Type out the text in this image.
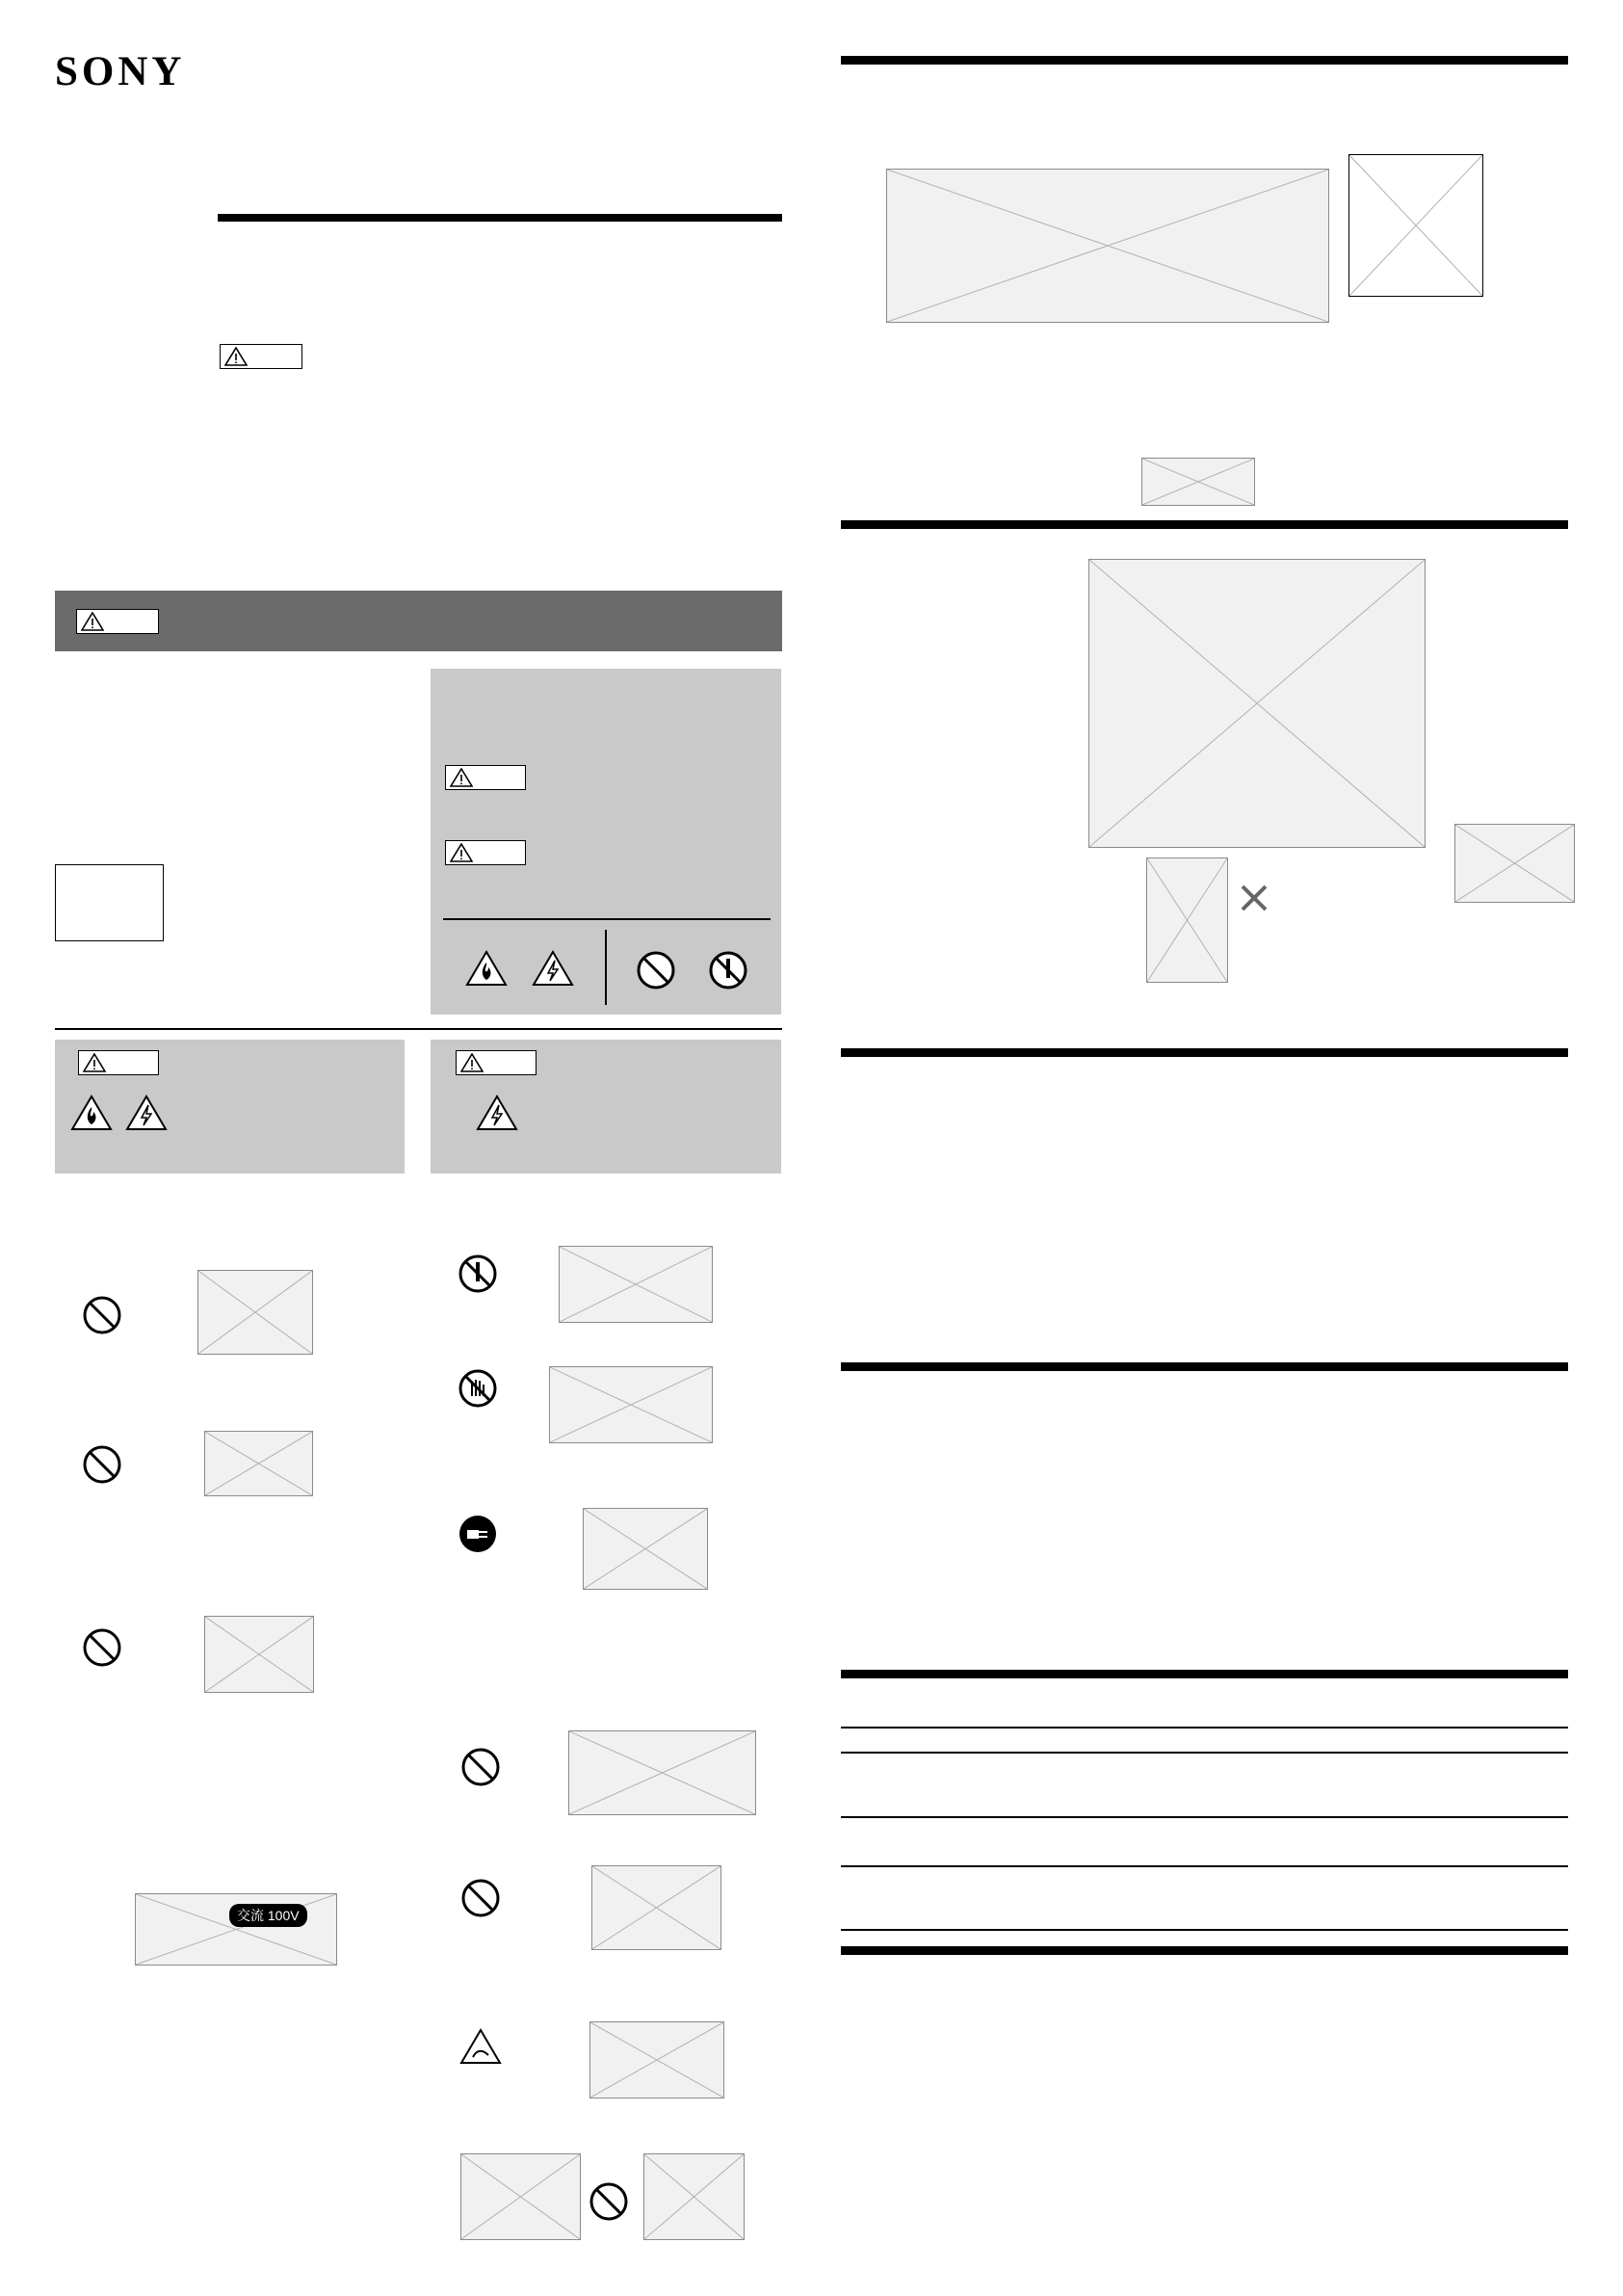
SONY
交流 100V
